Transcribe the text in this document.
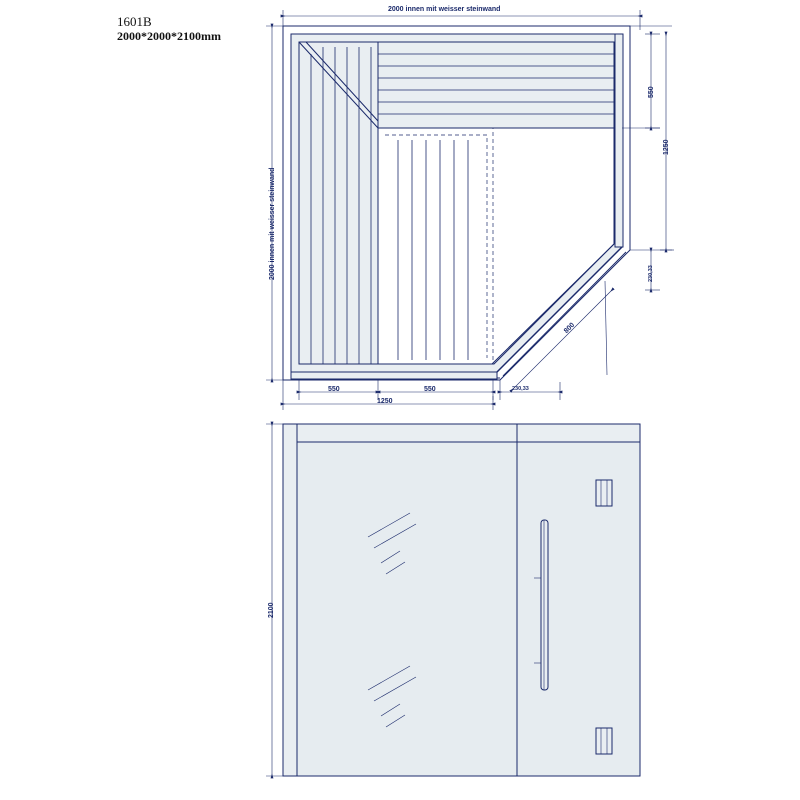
1601B
2000*2000*2100mm
2000 innen mit weisser steinwand
2000 innen mit weisser steinwand
550
1250
230,33
800
550	550
1250
230,33
2100
